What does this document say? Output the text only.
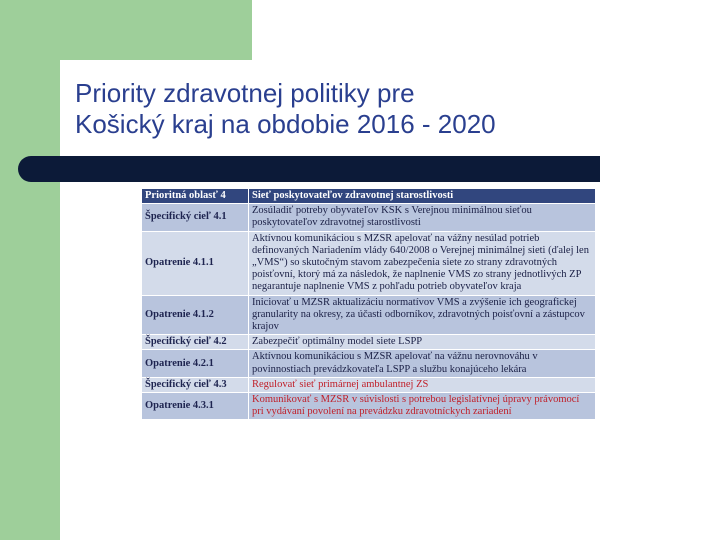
Priority zdravotnej politiky pre
Košický kraj na obdobie 2016 - 2020
Prioritná oblasť 4	Sieť poskytovateľov zdravotnej starostlivosti
Špecifický cieľ 4.1	Zosúladiť potreby obyvateľov KSK s Verejnou minimálnou sieťou poskytovateľov zdravotnej starostlivosti
Opatrenie 4.1.1	Aktívnou komunikáciou s MZSR apelovať na vážny nesúlad potrieb definovaných Nariadením vlády 640/2008 o Verejnej minimálnej sieti (ďalej len „VMS“) so skutočným stavom zabezpečenia siete zo strany zdravotných poisťovní, ktorý má za následok, že naplnenie VMS zo strany jednotlivých ZP negarantuje naplnenie VMS z pohľadu potrieb obyvateľov kraja
Opatrenie 4.1.2	Iniciovať u MZSR aktualizáciu normatívov VMS a zvýšenie ich geografickej granularity na okresy, za účasti odborníkov, zdravotných poisťovní a zástupcov krajov
Špecifický cieľ 4.2	Zabezpečiť optimálny model siete LSPP
Opatrenie 4.2.1	Aktívnou komunikáciou s MZSR apelovať na vážnu nerovnováhu v povinnostiach prevádzkovateľa LSPP a službu konajúceho lekára
Špecifický cieľ 4.3	Regulovať sieť primárnej ambulantnej ZS
Opatrenie 4.3.1	Komunikovať s MZSR v súvislosti s potrebou legislatívnej úpravy právomocí pri vydávaní povolení na prevádzku zdravotníckych zariadení
